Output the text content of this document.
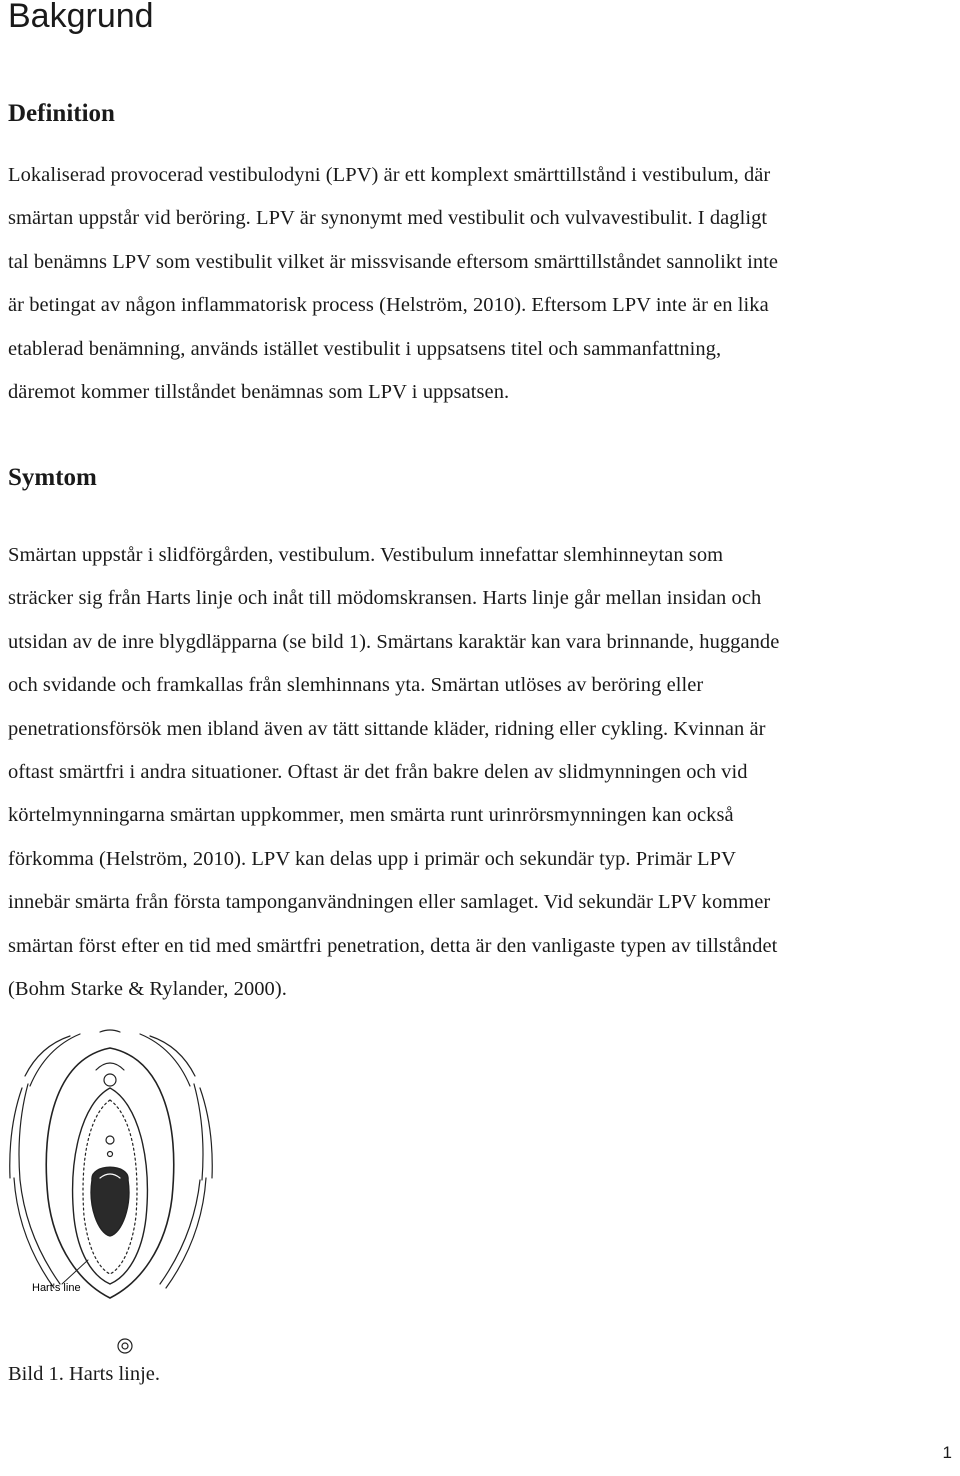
Bakgrund
Definition

Lokaliserad provocerad vestibulodyni (LPV) är ett komplext smärttillstånd i vestibulum, där
smärtan uppstår vid beröring. LPV är synonymt med vestibulit och vulvavestibulit. I dagligt
tal benämns LPV som vestibulit vilket är missvisande eftersom smärttillståndet sannolikt inte
är betingat av någon inflammatorisk process (Helström, 2010). Eftersom LPV inte är en lika
etablerad benämning, används istället vestibulit i uppsatsens titel och sammanfattning,
däremot kommer tillståndet benämnas som LPV i uppsatsen.

Symtom

Smärtan uppstår i slidförgården, vestibulum. Vestibulum innefattar slemhinneytan som
sträcker sig från Harts linje och inåt till mödomskransen. Harts linje går mellan insidan och
utsidan av de inre blygdläpparna (se bild 1). Smärtans karaktär kan vara brinnande, huggande
och svidande och framkallas från slemhinnans yta. Smärtan utlöses av beröring eller
penetrationsförsök men ibland även av tätt sittande kläder, ridning eller cykling. Kvinnan är
oftast smärtfri i andra situationer. Oftast är det från bakre delen av slidmynningen och vid
körtelmynningarna smärtan uppkommer, men smärta runt urinrörsmynningen kan också
förkomma (Helström, 2010). LPV kan delas upp i primär och sekundär typ. Primär LPV
innebär smärta från första tamponganvändningen eller samlaget. Vid sekundär LPV kommer
smärtan först efter en tid med smärtfri penetration, detta är den vanligaste typen av tillståndet
(Bohm Starke & Rylander, 2000).

Hart's line

Bild 1. Harts linje.

1
